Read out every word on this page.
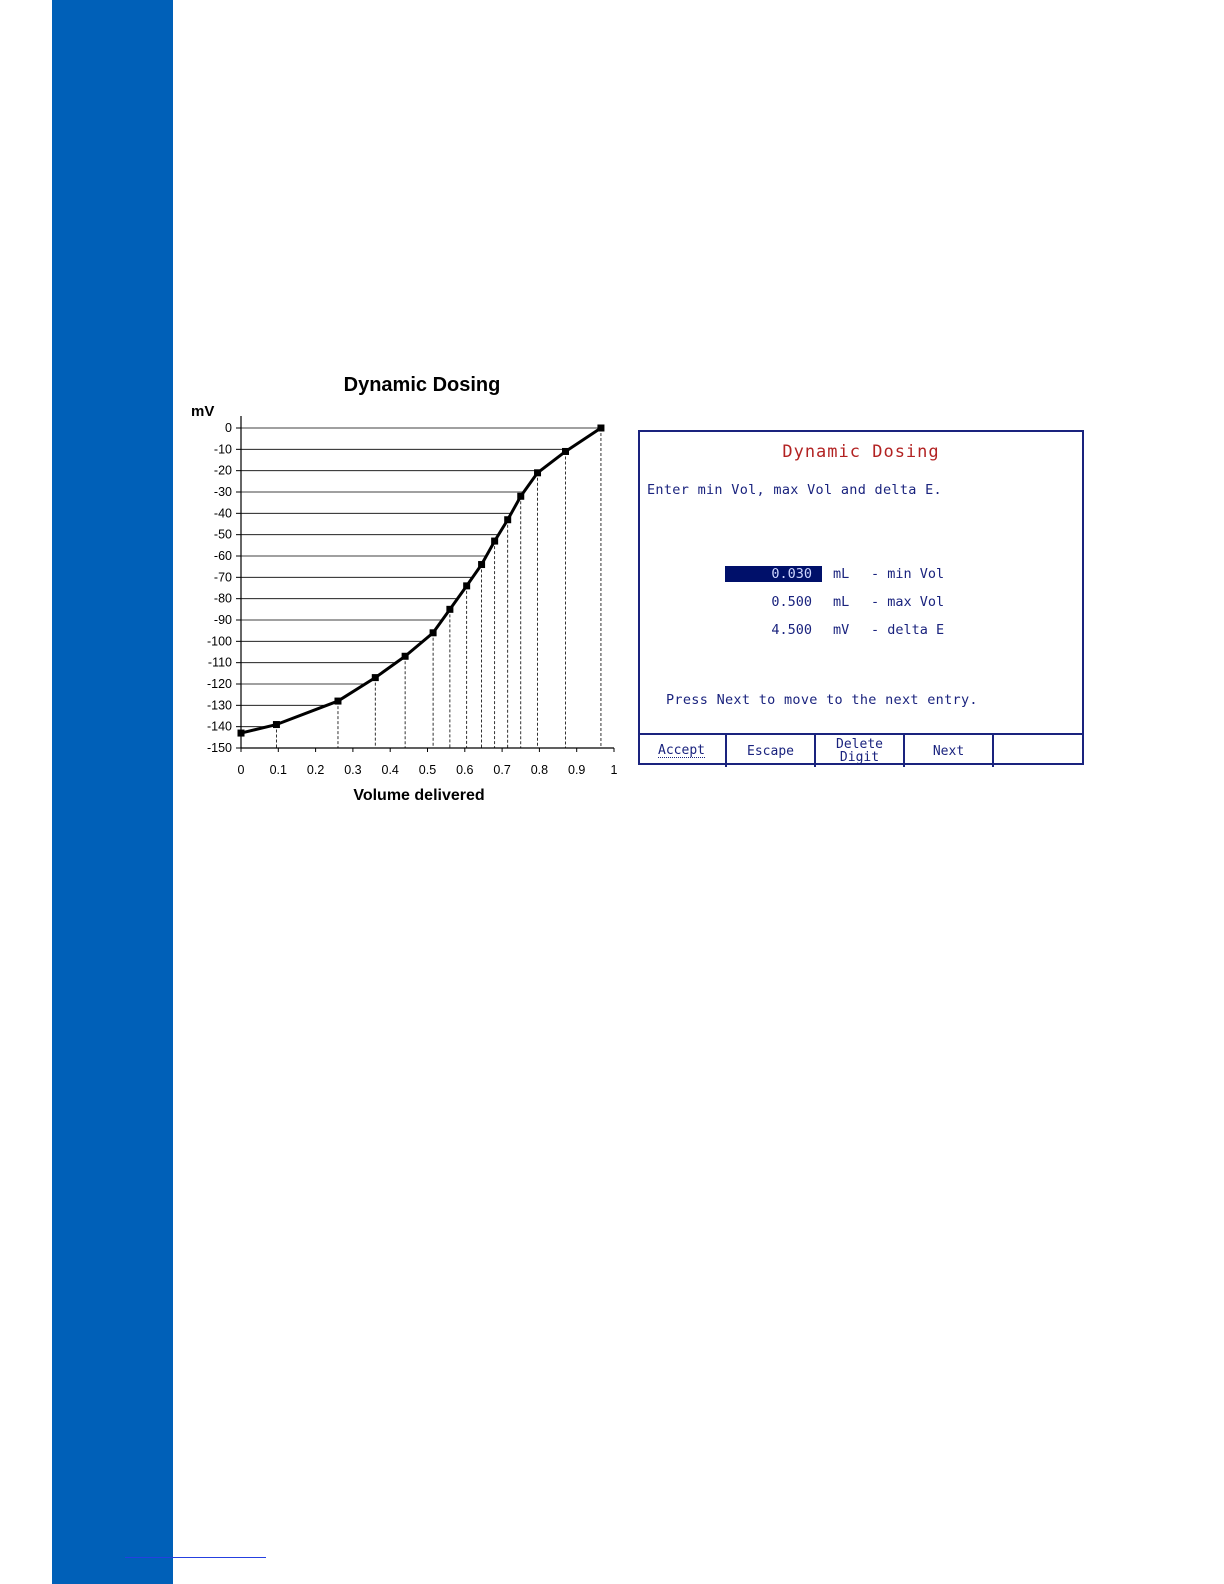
Dynamic Dosing
mV
Volume delivered
0
-10
-20
-30
-40
-50
-60
-70
-80
-90
-100
-110
-120
-130
-140
-150
0 0.1 0.2 0.3 0.4 0.5 0.6 0.7 0.8 0.9 1
Dynamic Dosing
Enter min Vol, max Vol and delta E.
0.030	mL - min Vol
0.500	mL - max Vol
4.500	mV - delta E
Press Next to move to the next entry.
Accept	Escape	Delete
Digit	Next
